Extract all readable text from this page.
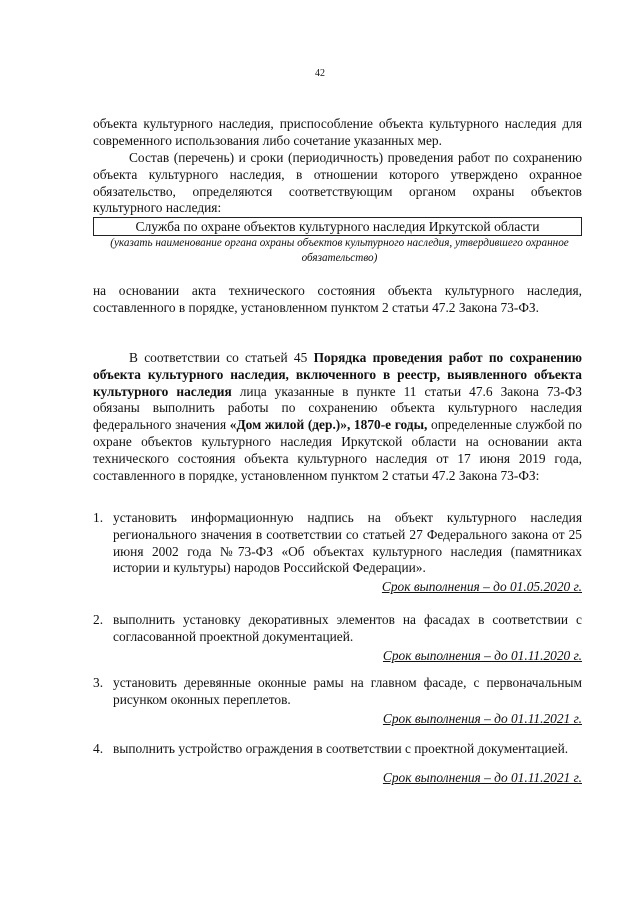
42
объекта культурного наследия, приспособление объекта культурного наследия для современного использования либо сочетание указанных мер.
Состав (перечень) и сроки (периодичность) проведения работ по сохранению объекта культурного наследия, в отношении которого утверждено охранное обязательство, определяются соответствующим органом охраны объектов культурного наследия:
Служба по охране объектов культурного наследия Иркутской области
(указать наименование органа охраны объектов культурного наследия, утвердившего охранное обязательство)
на основании акта технического состояния объекта культурного наследия, составленного в порядке, установленном пунктом 2 статьи 47.2 Закона 73-ФЗ.
В соответствии со статьей 45 Порядка проведения работ по сохранению объекта культурного наследия, включенного в реестр, выявленного объекта культурного наследия лица указанные в пункте 11 статьи 47.6 Закона 73-ФЗ обязаны выполнить работы по сохранению объекта культурного наследия федерального значения «Дом жилой (дер.)», 1870-е годы, определенные службой по охране объектов культурного наследия Иркутской области на основании акта технического состояния объекта культурного наследия от 17 июня 2019 года, составленного в порядке, установленном пунктом 2 статьи 47.2 Закона 73-ФЗ:
1. установить информационную надпись на объект культурного наследия регионального значения в соответствии со статьей 27 Федерального закона от 25 июня 2002 года №73-ФЗ «Об объектах культурного наследия (памятниках истории и культуры) народов Российской Федерации».
Срок выполнения – до 01.05.2020 г.
2. выполнить установку декоративных элементов на фасадах в соответствии с согласованной проектной документацией.
Срок выполнения – до 01.11.2020 г.
3. установить деревянные оконные рамы на главном фасаде, с первоначальным рисунком оконных переплетов.
Срок выполнения – до 01.11.2021 г.
4. выполнить устройство ограждения в соответствии с проектной документацией.
Срок выполнения – до 01.11.2021 г.
